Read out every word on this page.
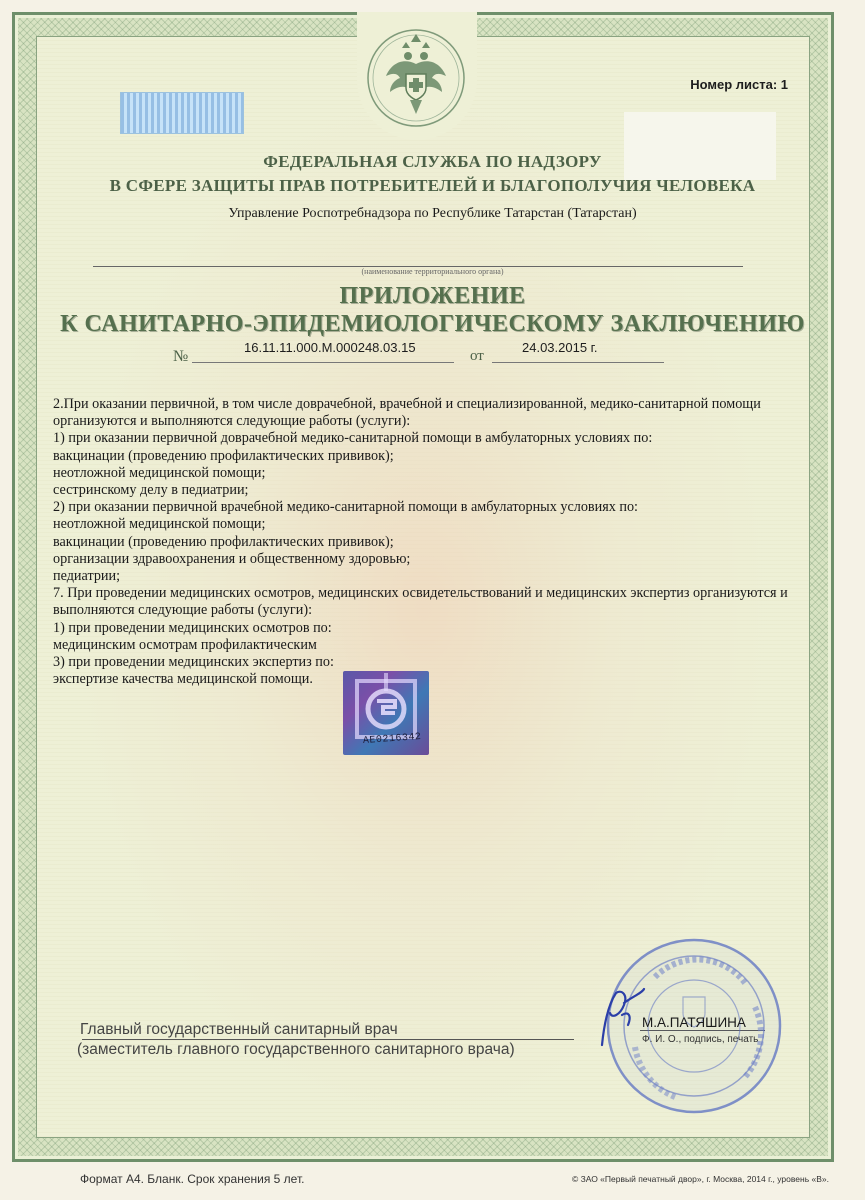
Номер листа: 1
ФЕДЕРАЛЬНАЯ СЛУЖБА ПО НАДЗОРУ
В СФЕРЕ ЗАЩИТЫ ПРАВ ПОТРЕБИТЕЛЕЙ И БЛАГОПОЛУЧИЯ ЧЕЛОВЕКА
Управление Роспотребнадзора по Республике Татарстан (Татарстан)
(наименование территориального органа)
ПРИЛОЖЕНИЕ
К САНИТАРНО-ЭПИДЕМИОЛОГИЧЕСКОМУ ЗАКЛЮЧЕНИЮ
№
16.11.11.000.М.000248.03.15
от
24.03.2015 г.
2.При оказании первичной, в том числе доврачебной, врачебной и специализированной, медико-санитарной помощи
организуются и выполняются следующие работы (услуги):
1) при оказании первичной доврачебной медико-санитарной помощи в амбулаторных условиях по:
вакцинации (проведению профилактических прививок);
неотложной медицинской помощи;
сестринскому делу в педиатрии;
2) при оказании первичной врачебной медико-санитарной помощи в амбулаторных условиях по:
неотложной медицинской помощи;
вакцинации (проведению профилактических прививок);
организации здравоохранения и общественному здоровью;
педиатрии;
7. При проведении медицинских осмотров, медицинских освидетельствований и медицинских экспертиз организуются и
выполняются следующие работы (услуги):
1) при проведении медицинских осмотров по:
медицинским осмотрам профилактическим
3) при проведении медицинских экспертиз по:
экспертизе качества медицинской помощи.
AE0216342
Главный государственный санитарный врач
(заместитель главного государственного санитарного врача)
М.А.ПАТЯШИНА
Ф. И. О., подпись, печать
Формат А4. Бланк. Срок хранения 5 лет.	© ЗАО «Первый печатный двор», г. Москва, 2014 г., уровень «В».
